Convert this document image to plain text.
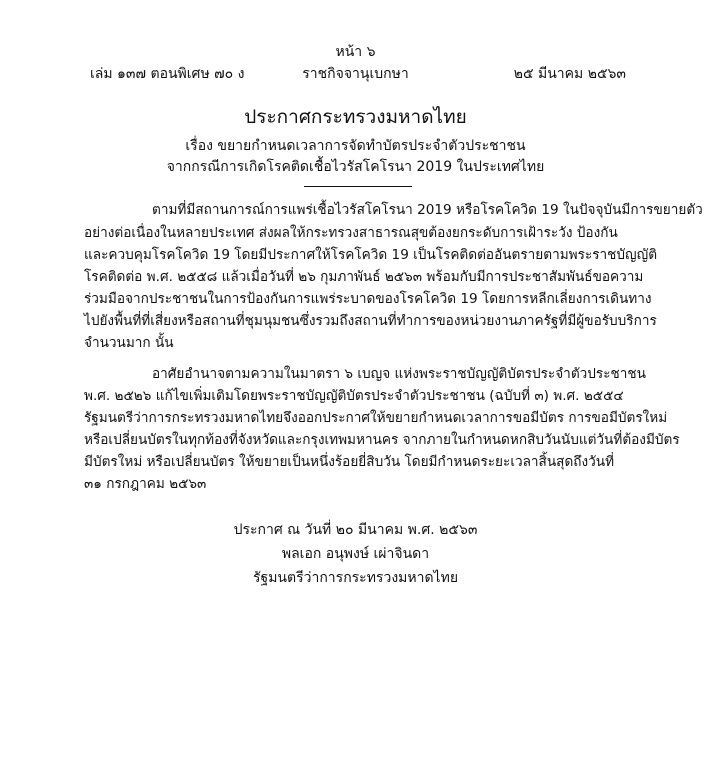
หน้า ๖
เล่ม ๑๓๗ ตอนพิเศษ ๗๐ ง	ราชกิจจานุเบกษา	๒๕ มีนาคม ๒๕๖๓
ประกาศกระทรวงมหาดไทย
เรื่อง ขยายกำหนดเวลาการจัดทำบัตรประจำตัวประชาชน
จากกรณีการเกิดโรคติดเชื้อไวรัสโคโรนา 2019 ในประเทศไทย
ตามที่มีสถานการณ์การแพร่เชื้อไวรัสโคโรนา 2019 หรือโรคโควิด 19 ในปัจจุบันมีการขยายตัว
อย่างต่อเนื่องในหลายประเทศ ส่งผลให้กระทรวงสาธารณสุขต้องยกระดับการเฝ้าระวัง ป้องกัน
และควบคุมโรคโควิด 19 โดยมีประกาศให้โรคโควิด 19 เป็นโรคติดต่ออันตรายตามพระราชบัญญัติ
โรคติดต่อ พ.ศ. ๒๕๕๘ แล้วเมื่อวันที่ ๒๖ กุมภาพันธ์ ๒๕๖๓ พร้อมกับมีการประชาสัมพันธ์ขอความ
ร่วมมือจากประชาชนในการป้องกันการแพร่ระบาดของโรคโควิด 19 โดยการหลีกเลี่ยงการเดินทาง
ไปยังพื้นที่ที่เสี่ยงหรือสถานที่ชุมนุมชนซึ่งรวมถึงสถานที่ทำการของหน่วยงานภาครัฐที่มีผู้ขอรับบริการ
จำนวนมาก นั้น
อาศัยอำนาจตามความในมาตรา ๖ เบญจ แห่งพระราชบัญญัติบัตรประจำตัวประชาชน
พ.ศ. ๒๕๒๖ แก้ไขเพิ่มเติมโดยพระราชบัญญัติบัตรประจำตัวประชาชน (ฉบับที่ ๓) พ.ศ. ๒๕๕๔
รัฐมนตรีว่าการกระทรวงมหาดไทยจึงออกประกาศให้ขยายกำหนดเวลาการขอมีบัตร การขอมีบัตรใหม่
หรือเปลี่ยนบัตรในทุกท้องที่จังหวัดและกรุงเทพมหานคร จากภายในกำหนดหกสิบวันนับแต่วันที่ต้องมีบัตร
มีบัตรใหม่ หรือเปลี่ยนบัตร ให้ขยายเป็นหนึ่งร้อยยี่สิบวัน โดยมีกำหนดระยะเวลาสิ้นสุดถึงวันที่
๓๑ กรกฎาคม ๒๕๖๓
ประกาศ ณ วันที่ ๒๐ มีนาคม พ.ศ. ๒๕๖๓
พลเอก อนุพงษ์ เผ่าจินดา
รัฐมนตรีว่าการกระทรวงมหาดไทย
